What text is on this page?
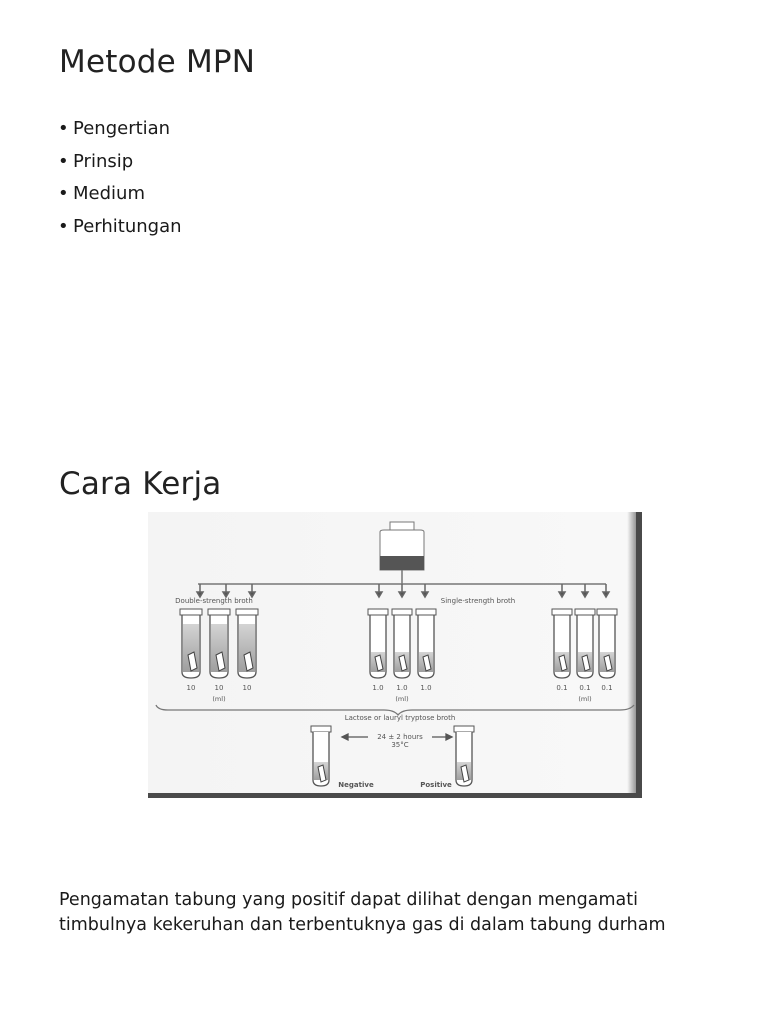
Metode MPN
• Pengertian
• Prinsip
• Medium
• Perhitungan
Cara Kerja
Double-strength broth	Single-strength broth
10	10	10
(ml)
1.0 1.0 1.0
(ml)
0.1 0.1 0.1
(ml)
Lactose or lauryl tryptose broth
Negative
24 ± 2 hours
35°C
Positive

Pengamatan tabung yang positif dapat dilihat dengan mengamati
timbulnya kekeruhan dan terbentuknya gas di dalam tabung durham
